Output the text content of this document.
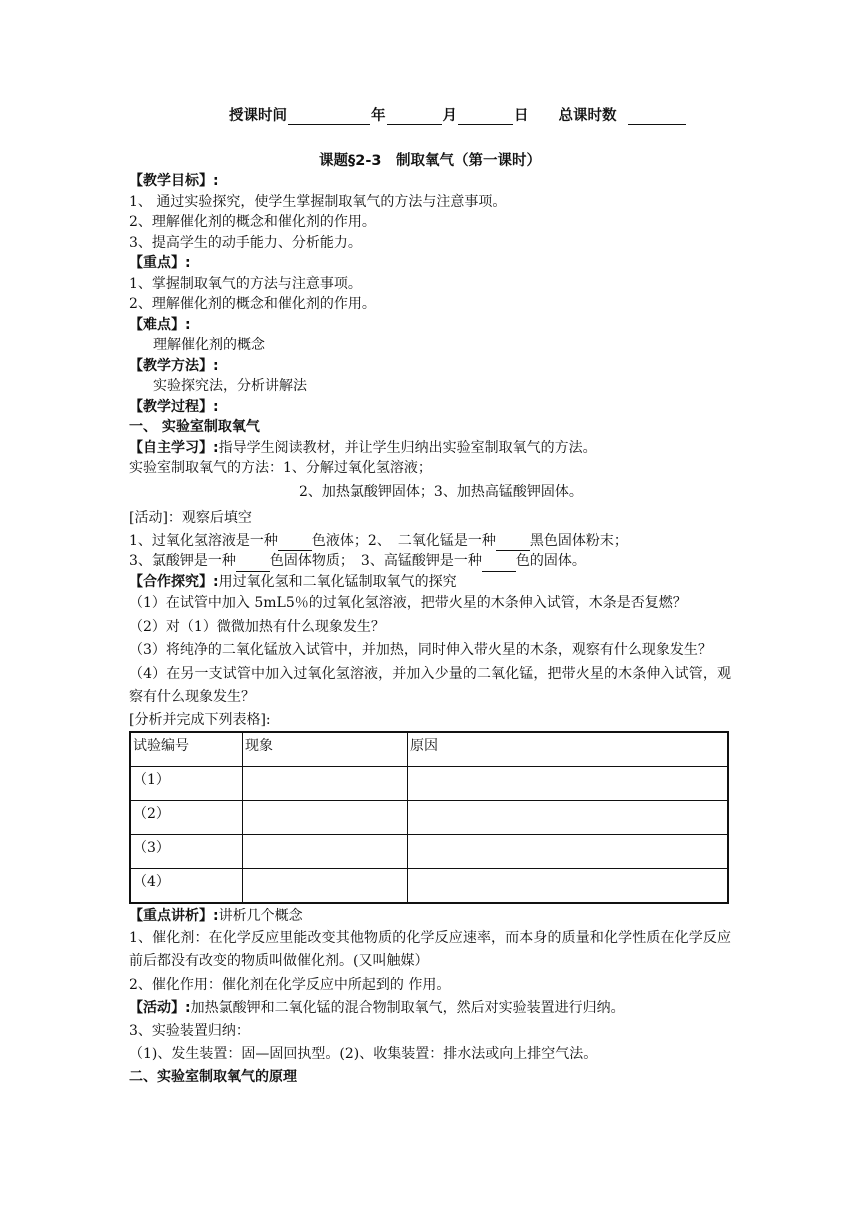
授课时间	年	月	日 总课时数
课题§2-3　制取氧气（第一课时）
【教学目标】:
1、 通过实验探究，使学生掌握制取氧气的方法与注意事项。
2、理解催化剂的概念和催化剂的作用。
3、提高学生的动手能力、分析能力。
【重点】:
1、掌握制取氧气的方法与注意事项。
2、理解催化剂的概念和催化剂的作用。
【难点】:
理解催化剂的概念
【教学方法】:
实验探究法，分析讲解法
【教学过程】:
一、 实验室制取氧气
【自主学习】:指导学生阅读教材，并让学生归纳出实验室制取氧气的方法。
实验室制取氧气的方法：1、分解过氧化氢溶液；
2、加热氯酸钾固体；3、加热高锰酸钾固体。
[活动]：观察后填空
1、过氧化氢溶液是一种 色液体；2、　二氧化锰是一种 黑色固体粉末；
3、氯酸钾是一种 色固体物质；　3、高锰酸钾是一种 色的固体。
【合作探究】:用过氧化氢和二氧化锰制取氧气的探究
（1）在试管中加入 5mL5％的过氧化氢溶液，把带火星的木条伸入试管，木条是否复燃？
（2）对（1）微微加热有什么现象发生？
（3）将纯净的二氧化锰放入试管中，并加热，同时伸入带火星的木条，观察有什么现象发生？
（4）在另一支试管中加入过氧化氢溶液，并加入少量的二氧化锰，把带火星的木条伸入试管，观察有什么现象发生？
[分析并完成下列表格]:
试验编号	现象	原因
（1）		
（2）		
（3）		
（4）		
【重点讲析】:讲析几个概念
1、催化剂：在化学反应里能改变其他物质的化学反应速率，而本身的质量和化学性质在化学反应前后都没有改变的物质叫做催化剂。(又叫触媒）
2、催化作用：催化剂在化学反应中所起到的 作用。
【活动】:加热氯酸钾和二氧化锰的混合物制取氧气，然后对实验装置进行归纳。
3、实验装置归纳：
（1)、发生装置：固—固回执型。(2)、收集装置：排水法或向上排空气法。
二、实验室制取氧气的原理
